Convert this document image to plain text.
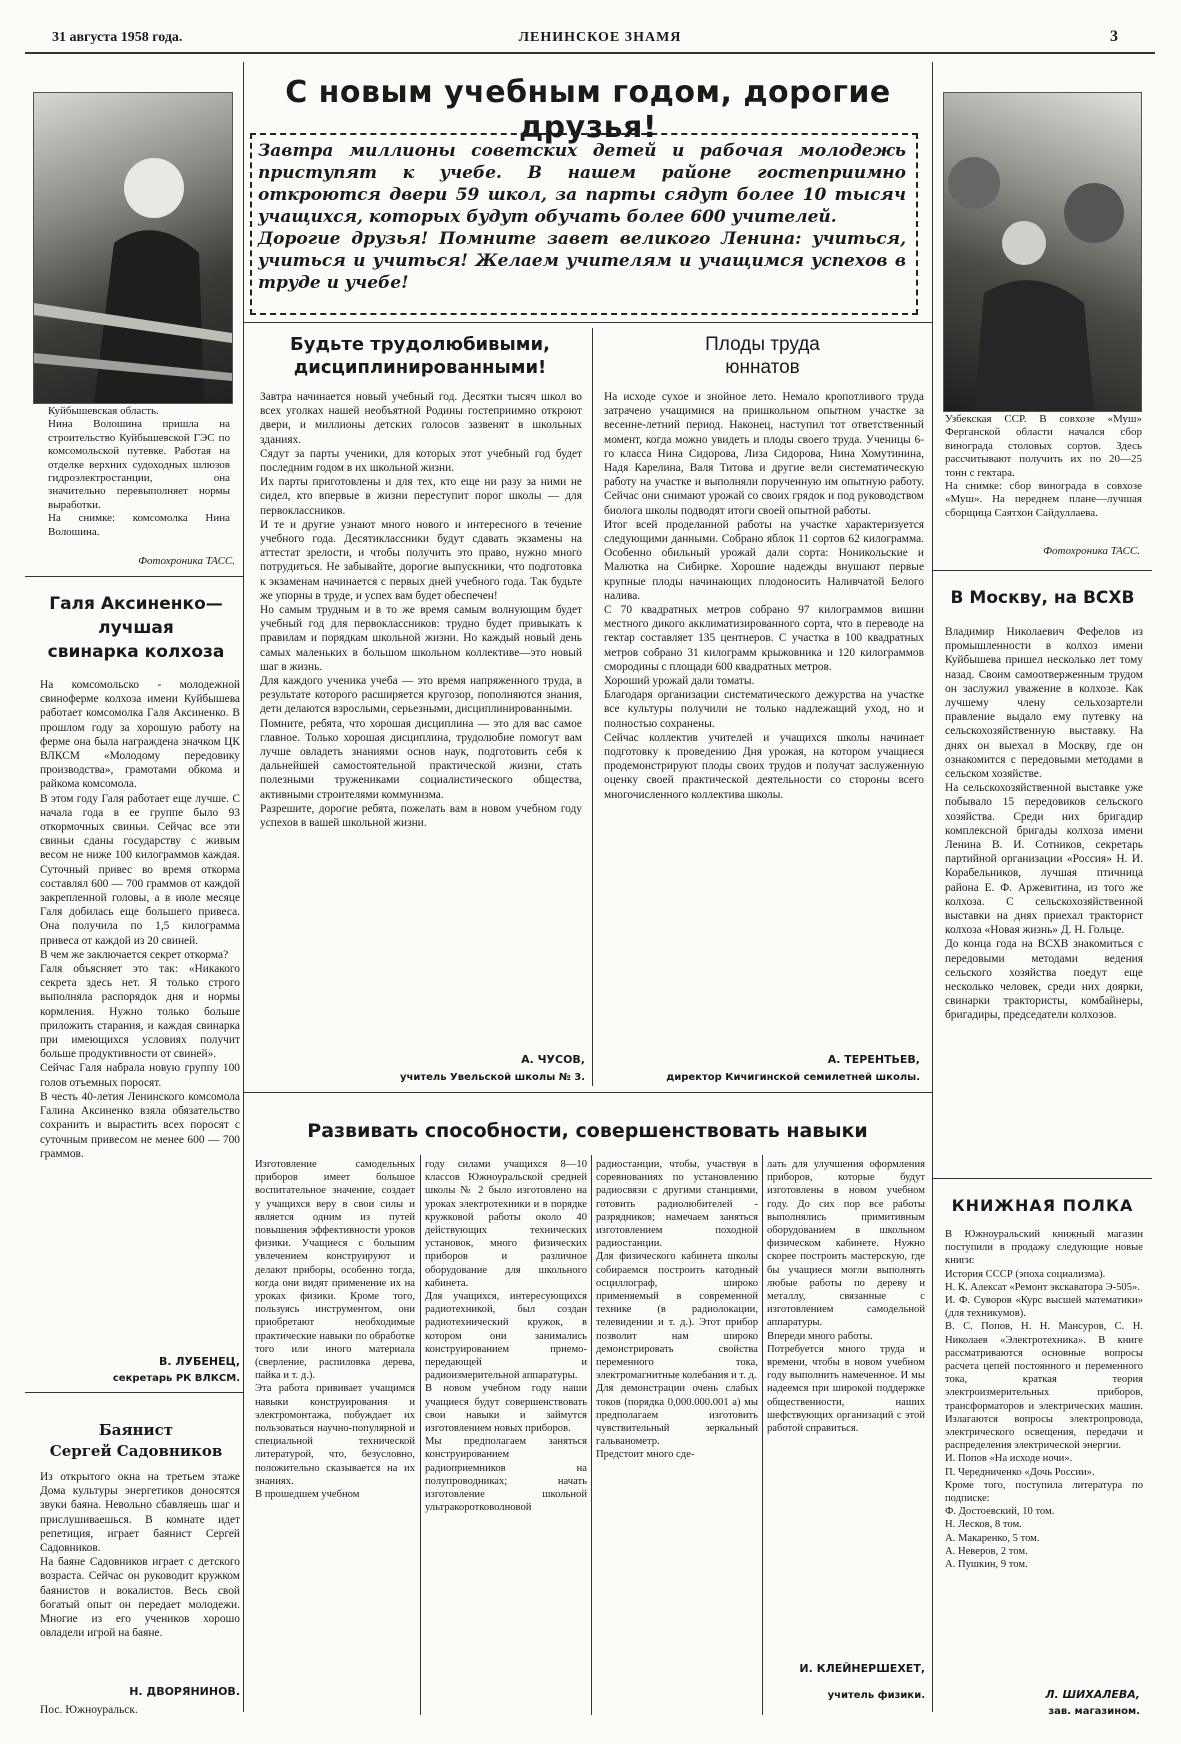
31 августа 1958 года.	ЛЕНИНСКОЕ ЗНАМЯ	3
Куйбышевская область.
Нина Волошина пришла на строительство Куйбышевской ГЭС по комсомольской путевке. Работая на отделке верхних судоходных шлюзов гидроэлектростанции, она значительно перевыполняет нормы выработки.
На снимке: комсомолка Нина Волошина.
Фотохроника ТАСС.
Узбекская ССР. В совхозе «Муш» Ферганской области начался сбор винограда столовых сортов. Здесь рассчитывают получить их по 20—25 тонн с гектара.
На снимке: сбор винограда в совхозе «Муш». На переднем плане—лучшая сборщица Саятхон Сайдуллаева.
Фотохроника ТАСС.
С новым учебным годом, дорогие друзья!
Завтра миллионы советских детей и рабочая молодежь приступят к учебе. В нашем районе гостеприимно откроются двери 59 школ, за парты сядут более 10 тысяч учащихся, которых будут обучать более 600 учителей.
Дорогие друзья! Помните завет великого Ленина: учиться, учиться и учиться! Желаем учителям и учащимся успехов в труде и учебе!
Будьте трудолюбивыми,
дисциплинированными!
Завтра начинается новый учебный год. Десятки тысяч школ во всех уголках нашей необъятной Родины гостеприимно откроют двери, и миллионы детских голосов зазвенят в школьных зданиях.
Сядут за парты ученики, для которых этот учебный год будет последним годом в их школьной жизни.
Их парты приготовлены и для тех, кто еще ни разу за ними не сидел, кто впервые в жизни переступит порог школы — для первоклассников.
И те и другие узнают много нового и интересного в течение учебного года. Десятиклассники будут сдавать экзамены на аттестат зрелости, и чтобы получить это право, нужно много потрудиться. Не забывайте, дорогие выпускники, что подготовка к экзаменам начинается с первых дней учебного года. Так будьте же упорны в труде, и успех вам будет обеспечен!
Но самым трудным и в то же время самым волнующим будет учебный год для первоклассников: трудно будет привыкать к правилам и порядкам школьной жизни. Но каждый новый день самых маленьких в большом школьном коллективе—это новый шаг в жизнь.
Для каждого ученика учеба — это время напряженного труда, в результате которого расширяется кругозор, пополняются знания, дети делаются взрослыми, серьезными, дисциплинированными.
Помните, ребята, что хорошая дисциплина — это для вас самое главное. Только хорошая дисциплина, трудолюбие помогут вам лучше овладеть знаниями основ наук, подготовить себя к дальнейшей самостоятельной практической жизни, стать полезными тружениками социалистического общества, активными строителями коммунизма.
Разрешите, дорогие ребята, пожелать вам в новом учебном году успехов в вашей школьной жизни.
А. ЧУСОВ,
учитель Увельской школы № 3.
Плоды труда
юннатов
На исходе сухое и знойное лето. Немало кропотливого труда затрачено учащимися на пришкольном опытном участке за весенне-летний период. Наконец, наступил тот ответственный момент, когда можно увидеть и плоды своего труда. Ученицы 6-го класса Нина Сидорова, Лиза Сидорова, Нина Хомутинина, Надя Карелина, Валя Титова и другие вели систематическую работу на участке и выполняли порученную им опытную работу. Сейчас они снимают урожай со своих грядок и под руководством биолога школы подводят итоги своей опытной работы.
Итог всей проделанной работы на участке характеризуется следующими данными. Собрано яблок 11 сортов 62 килограмма. Особенно обильный урожай дали сорта: Ноникольские и Малютка на Сибирке. Хорошие надежды внушают первые крупные плоды начинающих плодоносить Наливчатой Белого налива.
С 70 квадратных метров собрано 97 килограммов вишни местного дикого акклиматизированного сорта, что в переводе на гектар составляет 135 центнеров. С участка в 100 квадратных метров собрано 31 килограмм крыжовника и 120 килограммов смородины с площади 600 квадратных метров.
Хороший урожай дали томаты.
Благодаря организации систематического дежурства на участке все культуры получили не только надлежащий уход, но и полностью сохранены.
Сейчас коллектив учителей и учащихся школы начинает подготовку к проведению Дня урожая, на котором учащиеся продемонстрируют плоды своих трудов и получат заслуженную оценку своей практической деятельности со стороны всего многочисленного коллектива школы.
А. ТЕРЕНТЬЕВ,
директор Кичигинской семилетней школы.
Галя Аксиненко—
лучшая
свинарка колхоза
На комсомольско - молодежной свиноферме колхоза имени Куйбышева работает комсомолка Галя Аксиненко. В прошлом году за хорошую работу на ферме она была награждена значком ЦК ВЛКСМ «Молодому передовику производства», грамотами обкома и райкома комсомола.
В этом году Галя работает еще лучше. С начала года в ее группе было 93 откормочных свиньи. Сейчас все эти свиньи сданы государству с живым весом не ниже 100 килограммов каждая. Суточный привес во время откорма составлял 600 — 700 граммов от каждой закрепленной головы, а в июле месяце Галя добилась еще большего привеса. Она получила по 1,5 килограмма привеса от каждой из 20 свиней.
В чем же заключается секрет откорма?
Галя объясняет это так: «Никакого секрета здесь нет. Я только строго выполняла распорядок дня и нормы кормления. Нужно только больше приложить старания, и каждая свинарка при имеющихся условиях получит больше продуктивности от свиней».
Сейчас Галя набрала новую группу 100 голов отъемных поросят.
В честь 40-летия Ленинского комсомола Галина Аксиненко взяла обязательство сохранить и вырастить всех поросят с суточным привесом не менее 600 — 700 граммов.
В. ЛУБЕНЕЦ,
секретарь РК ВЛКСМ.
Баянист
Сергей Садовников
Из открытого окна на третьем этаже Дома культуры энергетиков доносятся звуки баяна. Невольно сбавляешь шаг и прислушиваешься. В комнате идет репетиция, играет баянист Сергей Садовников.
На баяне Садовников играет с детского возраста. Сейчас он руководит кружком баянистов и вокалистов. Весь свой богатый опыт он передает молодежи. Многие из его учеников хорошо овладели игрой на баяне.
Н. ДВОРЯНИНОВ.
Пос. Южноуральск.
Развивать способности, совершенствовать навыки
Изготовление самодельных приборов имеет большое воспитательное значение, создает у учащихся веру в свои силы и является одним из путей повышения эффективности уроков физики. Учащиеся с большим увлечением конструируют и делают приборы, особенно тогда, когда они видят применение их на уроках физики. Кроме того, пользуясь инструментом, они приобретают необходимые практические навыки по обработке того или иного материала (сверление, распиловка дерева, пайка и т. д.).
Эта работа прививает учащимся навыки конструирования и электромонтажа, побуждает их пользоваться научно-популярной и специальной технической литературой, что, безусловно, положительно сказывается на их знаниях.
В прошедшем учебном
году силами учащихся 8—10 классов Южноуральской средней школы № 2 было изготовлено на уроках электротехники и в порядке кружковой работы около 40 действующих технических установок, много физических приборов и различное оборудование для школьного кабинета.
Для учащихся, интересующихся радиотехникой, был создан радиотехнический кружок, в котором они занимались конструированием приемо-передающей и радиоизмерительной аппаратуры.
В новом учебном году наши учащиеся будут совершенствовать свои навыки и займутся изготовлением новых приборов.
Мы предполагаем заняться конструированием радиоприемников на полупроводниках; начать изготовление школьной ультракоротковолновой
радиостанции, чтобы, участвуя в соревнованиях по установлению радиосвязи с другими станциями, готовить радиолюбителей - разрядников; намечаем заняться изготовлением походной радиостанции.
Для физического кабинета школы собираемся построить катодный осциллограф, широко применяемый в современной технике (в радиолокации, телевидении и т. д.). Этот прибор позволит нам широко демонстрировать свойства переменного тока, электромагнитные колебания и т. д.
Для демонстрации очень слабых токов (порядка 0,000.000.001 а) мы предполагаем изготовить чувствительный зеркальный гальванометр.
Предстоит много сде-
лать для улучшения оформления приборов, которые будут изготовлены в новом учебном году. До сих пор все работы выполнялись примитивным оборудованием в школьном физическом кабинете. Нужно скорее построить мастерскую, где бы учащиеся могли выполнять любые работы по дереву и металлу, связанные с изготовлением самодельной аппаратуры.
Впереди много работы.
Потребуется много труда и времени, чтобы в новом учебном году выполнить намеченное. И мы надеемся при широкой поддержке общественности, наших шефствующих организаций с этой работой справиться.
И. КЛЕЙНЕРШЕХЕТ,
учитель физики.
В Москву, на ВСХВ
Владимир Николаевич Фефелов из промышленности в колхоз имени Куйбышева пришел несколько лет тому назад. Своим самоотверженным трудом он заслужил уважение в колхозе. Как лучшему члену сельхозартели правление выдало ему путевку на сельскохозяйственную выставку. На днях он выехал в Москву, где он ознакомится с передовыми методами в сельском хозяйстве.
На сельскохозяйственной выставке уже побывало 15 передовиков сельского хозяйства. Среди них бригадир комплексной бригады колхоза имени Ленина В. И. Сотников, секретарь партийной организации «Россия» Н. И. Корабельников, лучшая птичница района Е. Ф. Аржевитина, из того же колхоза. С сельскохозяйственной выставки на днях приехал тракторист колхоза «Новая жизнь» Д. Н. Гольце.
До конца года на ВСХВ знакомиться с передовыми методами ведения сельского хозяйства поедут еще несколько человек, среди них доярки, свинарки трактористы, комбайнеры, бригадиры, председатели колхозов.
КНИЖНАЯ ПОЛКА
В Южноуральский книжный магазин поступили в продажу следующие новые книги:
История СССР (эпоха социализма).
Н. К. Алексат «Ремонт экскаватора Э-505».
И. Ф. Суворов «Курс высшей математики» (для техникумов).
В. С. Попов, Н. Н. Мансуров, С. Н. Николаев «Электротехника». В книге рассматриваются основные вопросы расчета цепей постоянного и переменного тока, краткая теория электроизмерительных приборов, трансформаторов и электрических машин. Излагаются вопросы электропровода, электрического освещения, передачи и распределения электрической энергии.
И. Попов «На исходе ночи».
П. Чередниченко «Дочь России».
Кроме того, поступила литература по подписке:
Ф. Достоевский, 10 том.
Н. Лесков, 8 том.
А. Макаренко, 5 том.
А. Неверов, 2 том.
А. Пушкин, 9 том.
Л. ШИХАЛЕВА,
зав. магазином.
